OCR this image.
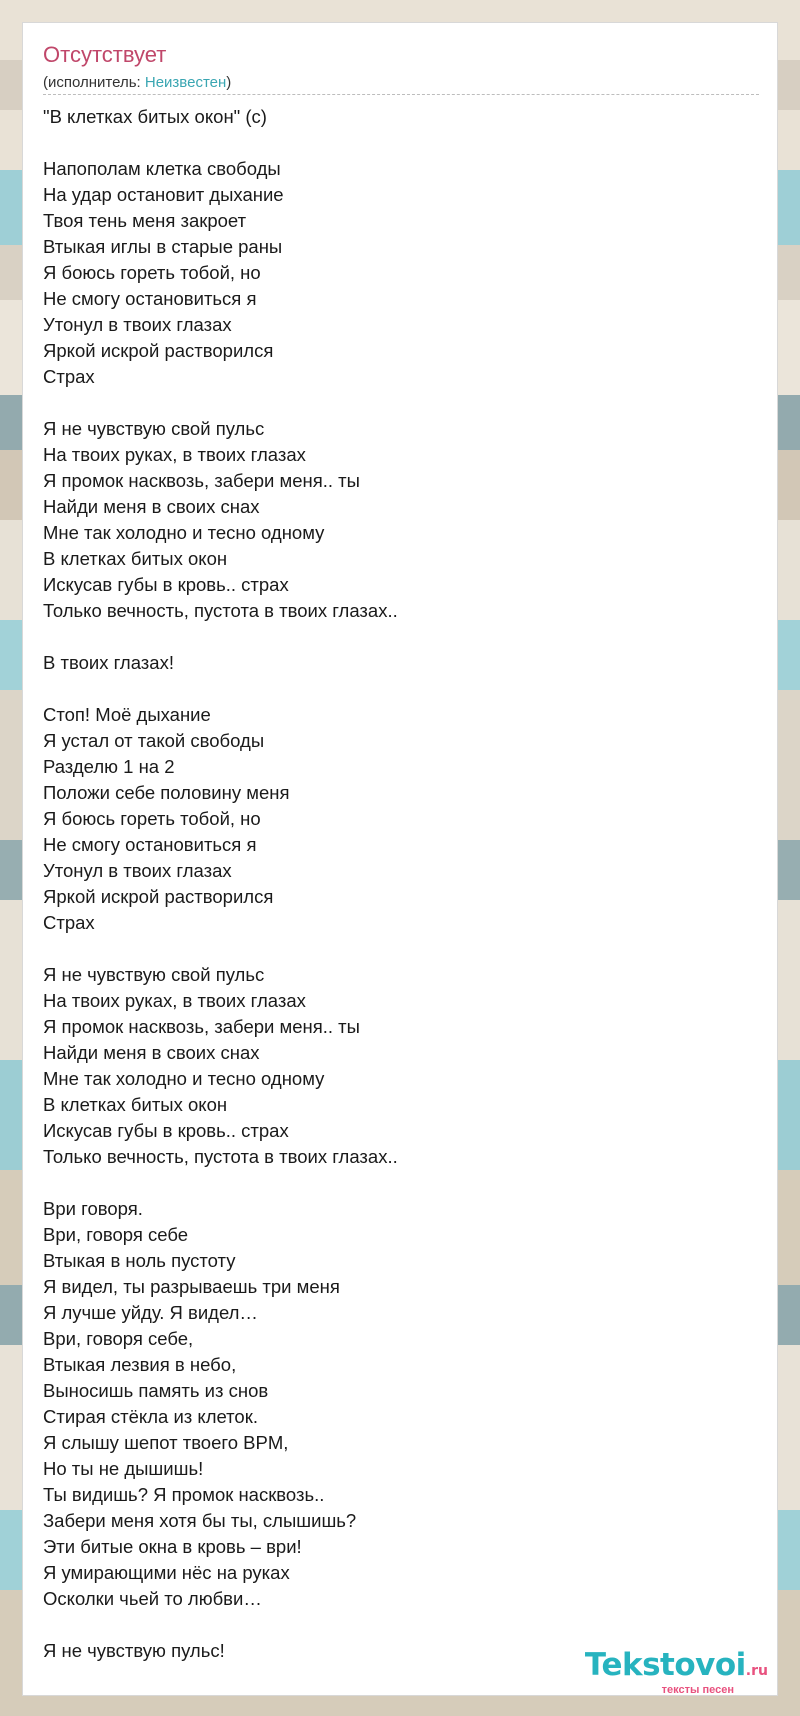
Отсутствует
(исполнитель: Неизвестен)
"В клетках битых окон" (с)
Напополам клетка свободы
На удар остановит дыхание
Твоя тень меня закроет
Втыкая иглы в старые раны
Я боюсь гореть тобой, но
Не смогу остановиться я
Утонул в твоих глазах
Яркой искрой растворился
Страх
Я не чувствую свой пульс
На твоих руках, в твоих глазах
Я промок насквозь, забери меня.. ты
Найди меня в своих снах
Мне так холодно и тесно одному
В клетках битых окон
Искусав губы в кровь.. страх
Только вечность, пустота в твоих глазах..
В твоих глазах!
Стоп! Моё дыхание
Я устал от такой свободы
Разделю 1 на 2
Положи себе половину меня
Я боюсь гореть тобой, но
Не смогу остановиться я
Утонул в твоих глазах
Яркой искрой растворился
Страх
Я не чувствую свой пульс
На твоих руках, в твоих глазах
Я промок насквозь, забери меня.. ты
Найди меня в своих снах
Мне так холодно и тесно одному
В клетках битых окон
Искусав губы в кровь.. страх
Только вечность, пустота в твоих глазах..
Ври говоря.
Ври, говоря себе
Втыкая в ноль пустоту
Я видел, ты разрываешь три меня
Я лучше уйду. Я видел…
Ври, говоря себе,
Втыкая лезвия в небо,
Выносишь память из снов
Стирая стёкла из клеток.
Я слышу шепот твоего BPM,
Но ты не дышишь!
Ты видишь? Я промок насквозь..
Забери меня хотя бы ты, слышишь?
Эти битые окна в кровь – ври!
Я умирающими нёс на руках
Осколки чьей то любви…
Я не чувствую пульс!	Tekstovoi.ru
тексты песен
